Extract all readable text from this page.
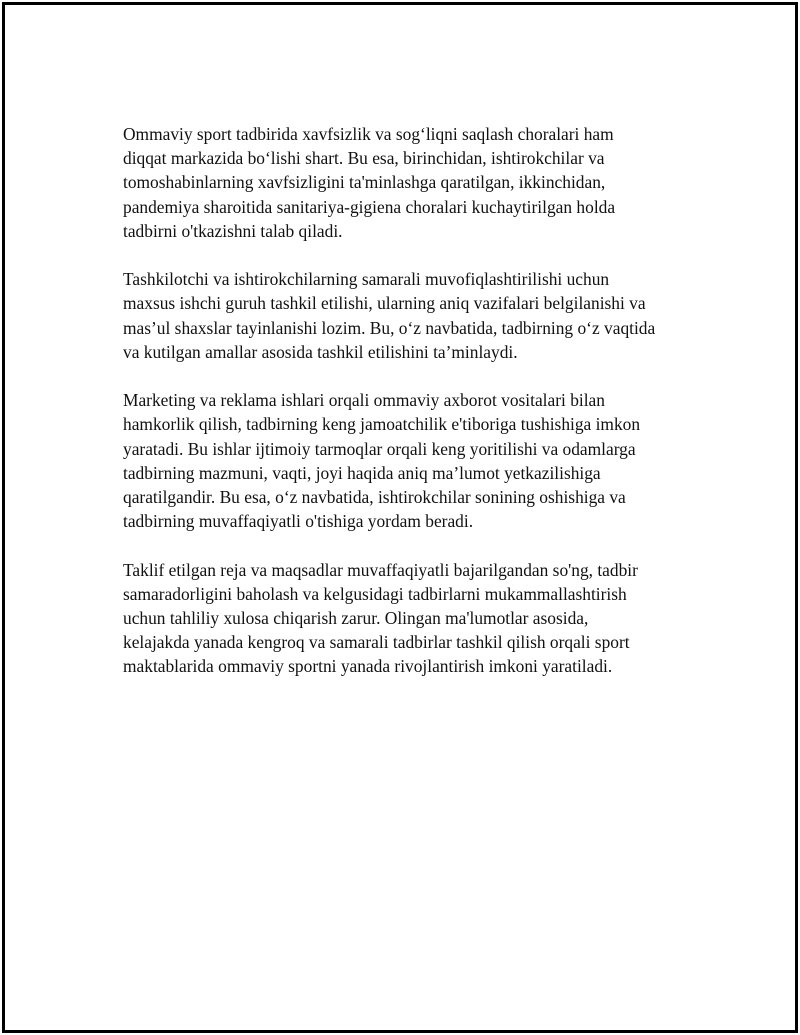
Ommaviy sport tadbirida xavfsizlik va sog‘liqni saqlash choralari ham
diqqat markazida bo‘lishi shart. Bu esa, birinchidan, ishtirokchilar va
tomoshabinlarning xavfsizligini ta'minlashga qaratilgan, ikkinchidan,
pandemiya sharoitida sanitariya-gigiena choralari kuchaytirilgan holda
tadbirni o'tkazishni talab qiladi.

Tashkilotchi va ishtirokchilarning samarali muvofiqlashtirilishi uchun
maxsus ishchi guruh tashkil etilishi, ularning aniq vazifalari belgilanishi va
mas’ul shaxslar tayinlanishi lozim. Bu, o‘z navbatida, tadbirning o‘z vaqtida
va kutilgan amallar asosida tashkil etilishini ta’minlaydi.

Marketing va reklama ishlari orqali ommaviy axborot vositalari bilan
hamkorlik qilish, tadbirning keng jamoatchilik e'tiboriga tushishiga imkon
yaratadi. Bu ishlar ijtimoiy tarmoqlar orqali keng yoritilishi va odamlarga
tadbirning mazmuni, vaqti, joyi haqida aniq ma’lumot yetkazilishiga
qaratilgandir. Bu esa, o‘z navbatida, ishtirokchilar sonining oshishiga va
tadbirning muvaffaqiyatli o'tishiga yordam beradi.

Taklif etilgan reja va maqsadlar muvaffaqiyatli bajarilgandan so'ng, tadbir
samaradorligini baholash va kelgusidagi tadbirlarni mukammallashtirish
uchun tahliliy xulosa chiqarish zarur. Olingan ma'lumotlar asosida,
kelajakda yanada kengroq va samarali tadbirlar tashkil qilish orqali sport
maktablarida ommaviy sportni yanada rivojlantirish imkoni yaratiladi.
